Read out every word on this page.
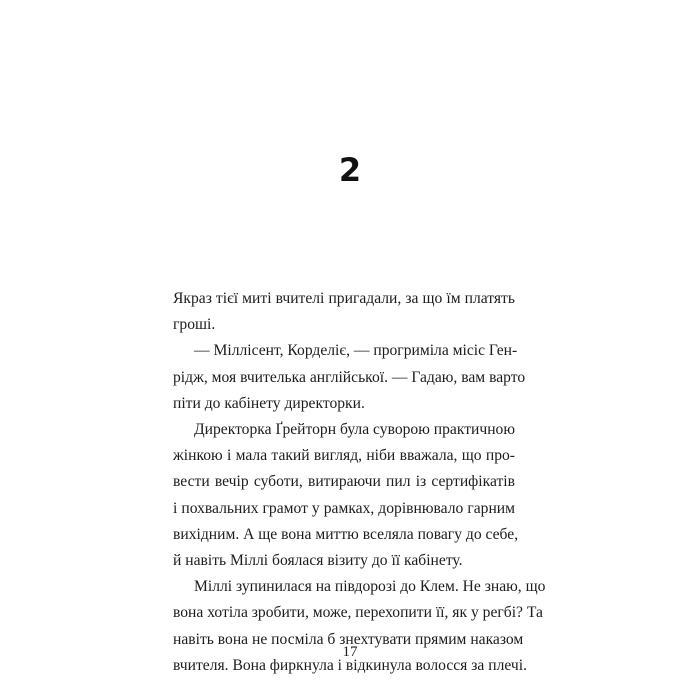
2
Якраз тієї миті вчителі пригадали, за що їм платять
гроші.
— Міллісент, Корделіє, — прогриміла місіс Ген-
рідж, моя вчителька англійської. — Гадаю, вам варто
піти до кабінету директорки.
Директорка Ґрейторн була суворою практичною
жінкою і мала такий вигляд, ніби вважала, що про-
вести вечір суботи, витираючи пил із сертифікатів
і похвальних грамот у рамках, дорівнювало гарним
вихідним. А ще вона миттю вселяла повагу до себе,
й навіть Міллі боялася візиту до її кабінету.
Міллі зупинилася на півдорозі до Клем. Не знаю, що
вона хотіла зробити, може, перехопити її, як у регбі? Та
навіть вона не посміла б знехтувати прямим наказом
вчителя. Вона фиркнула і відкинула волосся за плечі.
17
